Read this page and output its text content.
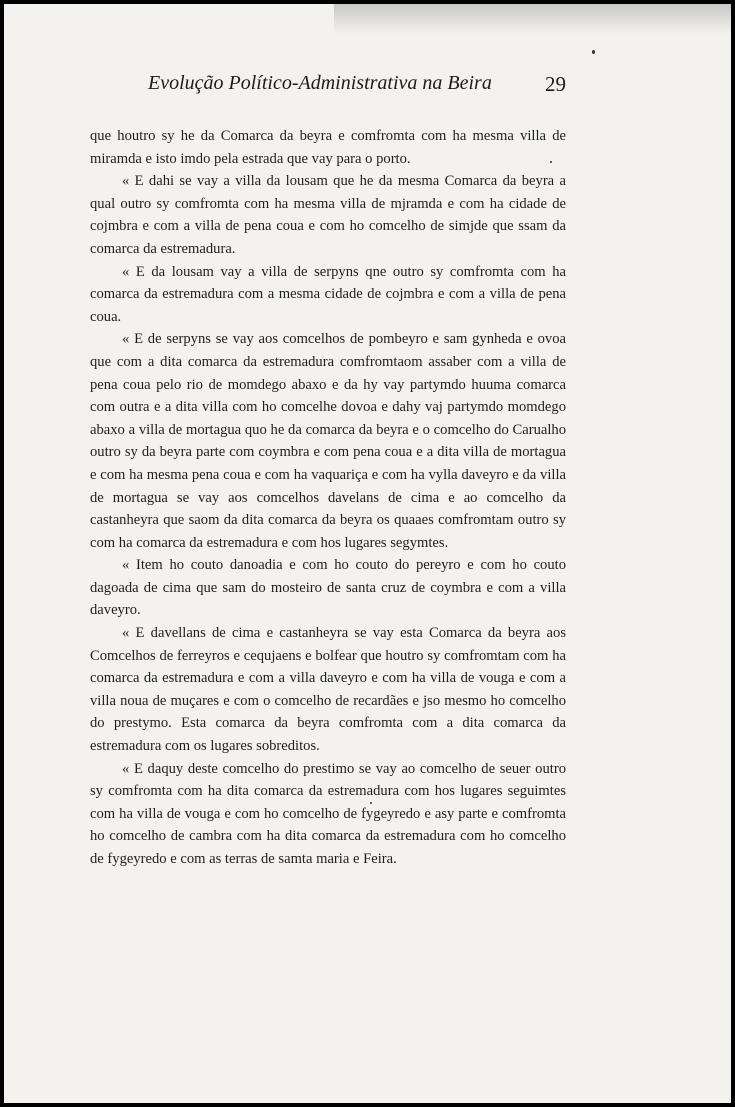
Evolução Político-Administrativa na Beira	29

que houtro sy he da Comarca da beyra e comfromta com ha mesma villa de miramda e isto imdo pela estrada que vay para o porto.

« E dahi se vay a villa da lousam que he da mesma Comarca da beyra a qual outro sy comfromta com ha mesma villa de mjramda e com ha cidade de cojmbra e com a villa de pena coua e com ho comcelho de simjde que ssam da comarca da estremadura.

« E da lousam vay a villa de serpyns qne outro sy comfromta com ha comarca da estremadura com a mesma cidade de cojmbra e com a villa de pena coua.

« E de serpyns se vay aos comcelhos de pombeyro e sam gynheda e ovoa que com a dita comarca da estremadura comfromtaom assaber com a villa de pena coua pelo rio de momdego abaxo e da hy vay partymdo huuma comarca com outra e a dita villa com ho comcelhe dovoa e dahy vaj partymdo momdego abaxo a villa de mortagua quo he da comarca da beyra e o comcelho do Carualho outro sy da beyra parte com coymbra e com pena coua e a dita villa de mortagua e com ha mesma pena coua e com ha vaquariça e com ha vylla daveyro e da villa de mortagua se vay aos comcelhos davelans de cima e ao comcelho da castanheyra que saom da dita comarca da beyra os quaaes comfromtam outro sy com ha comarca da estremadura e com hos lugares segymtes.

« Item ho couto danoadia e com ho couto do pereyro e com ho couto dagoada de cima que sam do mosteiro de santa cruz de coymbra e com a villa daveyro.

« E davellans de cima e castanheyra se vay esta Comarca da beyra aos Comcelhos de ferreyros e cequjaens e bolfear que houtro sy comfromtam com ha comarca da estremadura e com a villa daveyro e com ha villa de vouga e com a villa noua de muçares e com o comcelho de recardães e jso mesmo ho comcelho do prestymo. Esta comarca da beyra comfromta com a dita comarca da estremadura com os lugares sobreditos.

« E daquy deste comcelho do prestimo se vay ao comcelho de seuer outro sy comfromta com ha dita comarca da estremadura com hos lugares seguimtes com ha villa de vouga e com ho comcelho de fygeyredo e asy parte e comfromta ho comcelho de cambra com ha dita comarca da estremadura com ho comcelho de fygeyredo e com as terras de samta maria e Feira.
